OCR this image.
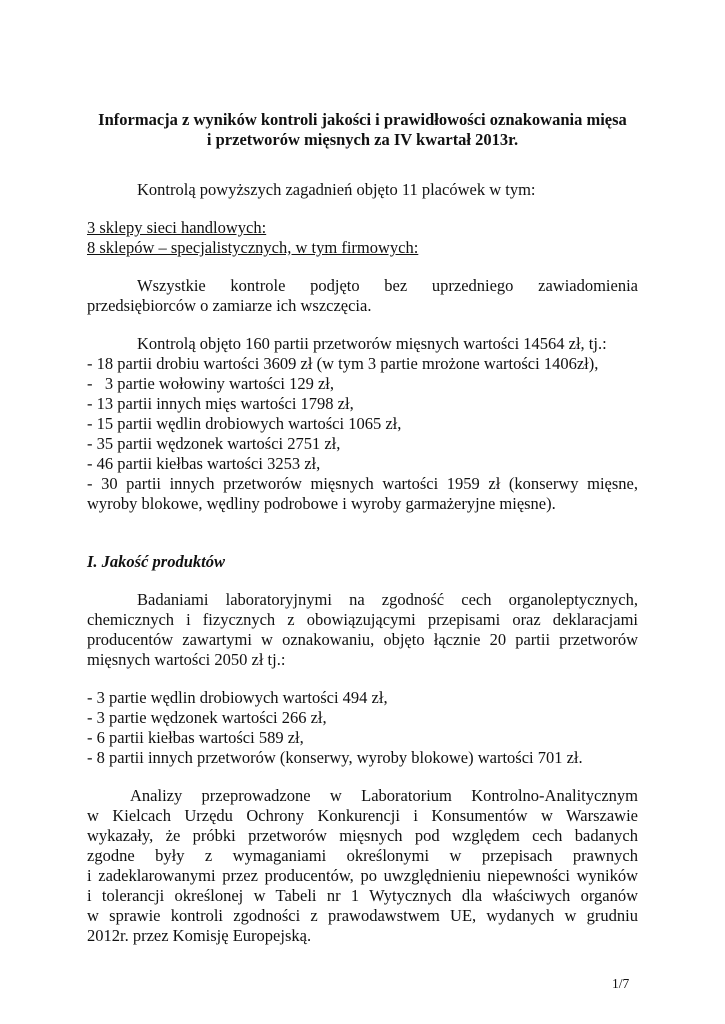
Informacja z wyników kontroli jakości i prawidłowości oznakowania mięsa
i przetworów mięsnych za IV kwartał 2013r.
Kontrolą powyższych zagadnień objęto 11 placówek w tym:
3 sklepy sieci handlowych:
8 sklepów – specjalistycznych, w tym firmowych:
Wszystkie kontrole podjęto bez uprzedniego zawiadomienia
przedsiębiorców o zamiarze ich wszczęcia.
Kontrolą objęto 160 partii przetworów mięsnych wartości 14564 zł, tj.:
- 18 partii drobiu wartości 3609 zł (w tym 3 partie mrożone wartości 1406zł),
-   3 partie wołowiny wartości 129 zł,
- 13 partii innych mięs wartości 1798 zł,
- 15 partii wędlin drobiowych wartości 1065 zł,
- 35 partii wędzonek wartości 2751 zł,
- 46 partii kiełbas wartości 3253 zł,
- 30 partii innych przetworów mięsnych wartości 1959 zł (konserwy mięsne,
wyroby blokowe, wędliny podrobowe i wyroby garmażeryjne mięsne).
I. Jakość produktów
Badaniami laboratoryjnymi na zgodność cech organoleptycznych,
chemicznych i fizycznych z obowiązującymi przepisami oraz deklaracjami
producentów zawartymi w oznakowaniu, objęto łącznie 20 partii przetworów
mięsnych wartości 2050 zł tj.:
- 3 partie wędlin drobiowych wartości 494 zł,
- 3 partie wędzonek wartości 266 zł,
- 6 partii kiełbas wartości 589 zł,
- 8 partii innych przetworów (konserwy, wyroby blokowe) wartości 701 zł.
Analizy przeprowadzone w Laboratorium Kontrolno-Analitycznym
w Kielcach Urzędu Ochrony Konkurencji i Konsumentów w Warszawie
wykazały, że próbki przetworów mięsnych pod względem cech badanych
zgodne były z wymaganiami określonymi w przepisach prawnych
i zadeklarowanymi przez producentów, po uwzględnieniu niepewności wyników
i tolerancji określonej w Tabeli nr 1 Wytycznych dla właściwych organów
w sprawie kontroli zgodności z prawodawstwem UE, wydanych w grudniu
2012r. przez Komisję Europejską.
1/7
